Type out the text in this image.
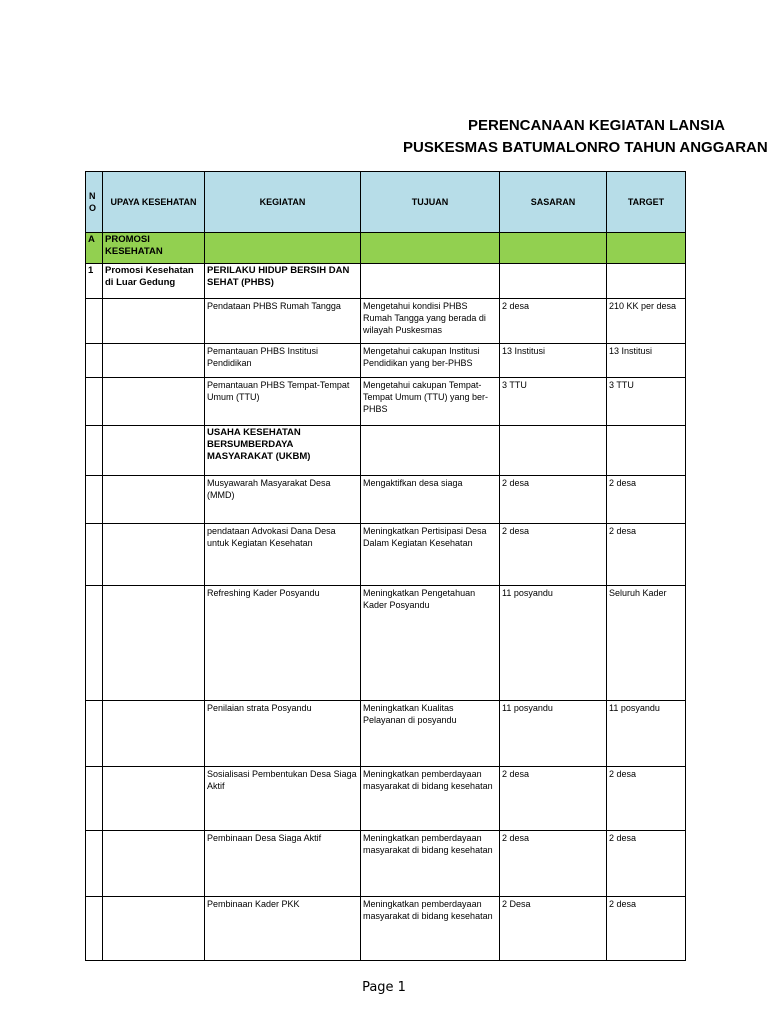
PERENCANAAN KEGIATAN LANSIA
PUSKESMAS BATUMALONRO TAHUN ANGGARAN
NO	UPAYA KESEHATAN	KEGIATAN	TUJUAN	SASARAN	TARGET
A	PROMOSI KESEHATAN				
1	Promosi Kesehatan di Luar Gedung	PERILAKU HIDUP BERSIH DAN SEHAT (PHBS)			
		Pendataan PHBS Rumah Tangga	Mengetahui kondisi PHBS Rumah Tangga yang berada di wilayah Puskesmas	2 desa	210 KK per desa
		Pemantauan PHBS Institusi Pendidikan	Mengetahui cakupan Institusi Pendidikan yang ber-PHBS	13 Institusi	13 Institusi
		Pemantauan PHBS Tempat-Tempat Umum (TTU)	Mengetahui cakupan Tempat-Tempat Umum (TTU) yang ber-PHBS	3 TTU	3 TTU
		USAHA KESEHATAN BERSUMBERDAYA MASYARAKAT (UKBM)			
		Musyawarah Masyarakat Desa (MMD)	Mengaktifkan desa siaga	2 desa	2 desa
		pendataan Advokasi Dana Desa untuk Kegiatan Kesehatan	Meningkatkan Pertisipasi Desa Dalam Kegiatan Kesehatan	2 desa	2 desa
		Refreshing Kader Posyandu	Meningkatkan Pengetahuan Kader Posyandu	11 posyandu	Seluruh Kader
		Penilaian strata Posyandu	Meningkatkan Kualitas Pelayanan di posyandu	11 posyandu	11 posyandu
		Sosialisasi Pembentukan Desa Siaga Aktif	Meningkatkan pemberdayaan masyarakat di bidang kesehatan	2 desa	2 desa
		Pembinaan Desa Siaga Aktif	Meningkatkan pemberdayaan masyarakat di bidang kesehatan	2 desa	2 desa
		Pembinaan Kader PKK	Meningkatkan pemberdayaan masyarakat di bidang kesehatan	2 Desa	2 desa
Page 1
